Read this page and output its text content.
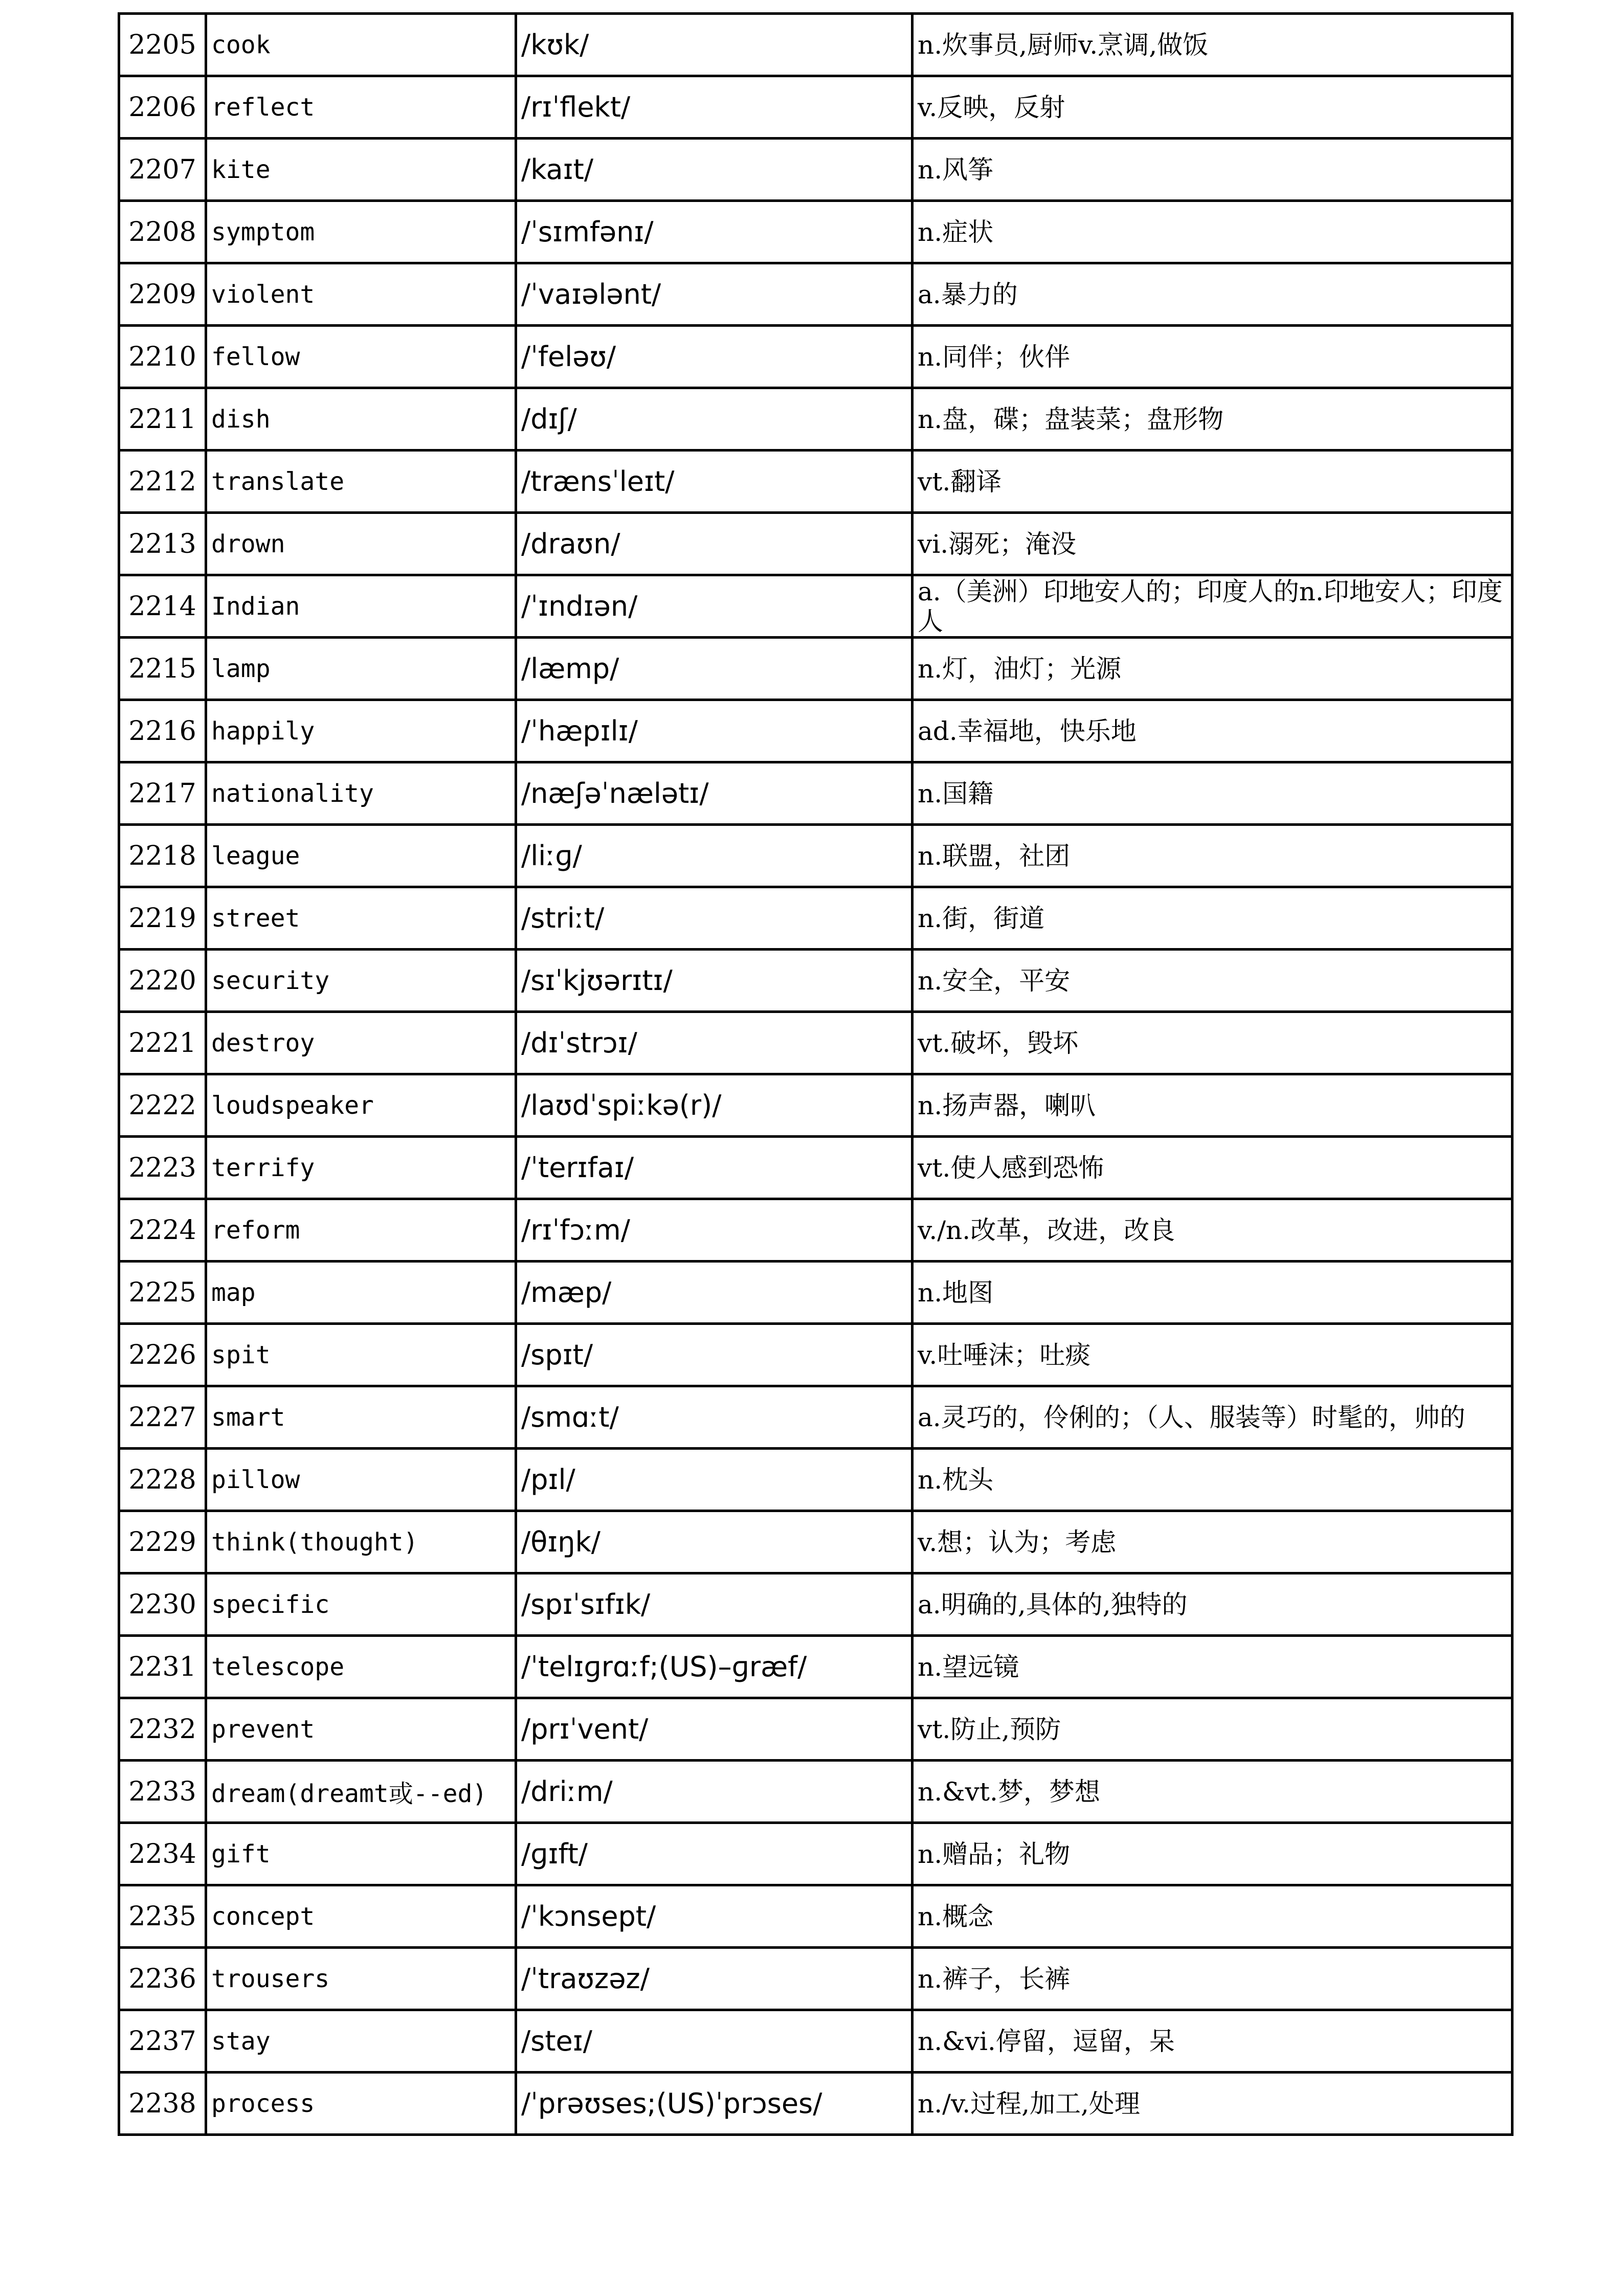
2205	cook	/kʊk/	n.炊事员,厨师v.烹调,做饭
2206	reflect	/rɪˈflekt/	v.反映，反射
2207	kite	/kaɪt/	n.风筝
2208	symptom	/ˈsɪmfənɪ/	n.症状
2209	violent	/ˈvaɪələnt/	a.暴力的
2210	fellow	/ˈfeləʊ/	n.同伴；伙伴
2211	dish	/dɪʃ/	n.盘，碟；盘装菜；盘形物
2212	translate	/trænsˈleɪt/	vt.翻译
2213	drown	/draʊn/	vi.溺死；淹没
2214	Indian	/ˈɪndɪən/	a.（美洲）印地安人的；印度人的n.印地安人；印度人
2215	lamp	/læmp/	n.灯，油灯；光源
2216	happily	/ˈhæpɪlɪ/	ad.幸福地，快乐地
2217	nationality	/næʃəˈnælətɪ/	n.国籍
2218	league	/liːɡ/	n.联盟，社团
2219	street	/striːt/	n.街，街道
2220	security	/sɪˈkjʊərɪtɪ/	n.安全，平安
2221	destroy	/dɪˈstrɔɪ/	vt.破坏，毁坏
2222	loudspeaker	/laʊdˈspiːkə(r)/	n.扬声器，喇叭
2223	terrify	/ˈterɪfaɪ/	vt.使人感到恐怖
2224	reform	/rɪˈfɔːm/	v./n.改革，改进，改良
2225	map	/mæp/	n.地图
2226	spit	/spɪt/	v.吐唾沫；吐痰
2227	smart	/smɑːt/	a.灵巧的，伶俐的；（人、服装等）时髦的，帅的
2228	pillow	/pɪl/	n.枕头
2229	think(thought)	/θɪŋk/	v.想；认为；考虑
2230	specific	/spɪˈsɪfɪk/	a.明确的,具体的,独特的
2231	telescope	/ˈtelɪɡrɑːf;(US)–ɡræf/	n.望远镜
2232	prevent	/prɪˈvent/	vt.防止,预防
2233	dream(dreamt或--ed)	/driːm/	n.&vt.梦，梦想
2234	gift	/ɡɪft/	n.赠品；礼物
2235	concept	/ˈkɔnsept/	n.概念
2236	trousers	/ˈtraʊzəz/	n.裤子，长裤
2237	stay	/steɪ/	n.&vi.停留，逗留，呆
2238	process	/ˈprəʊses;(US)ˈprɔses/	n./v.过程,加工,处理
